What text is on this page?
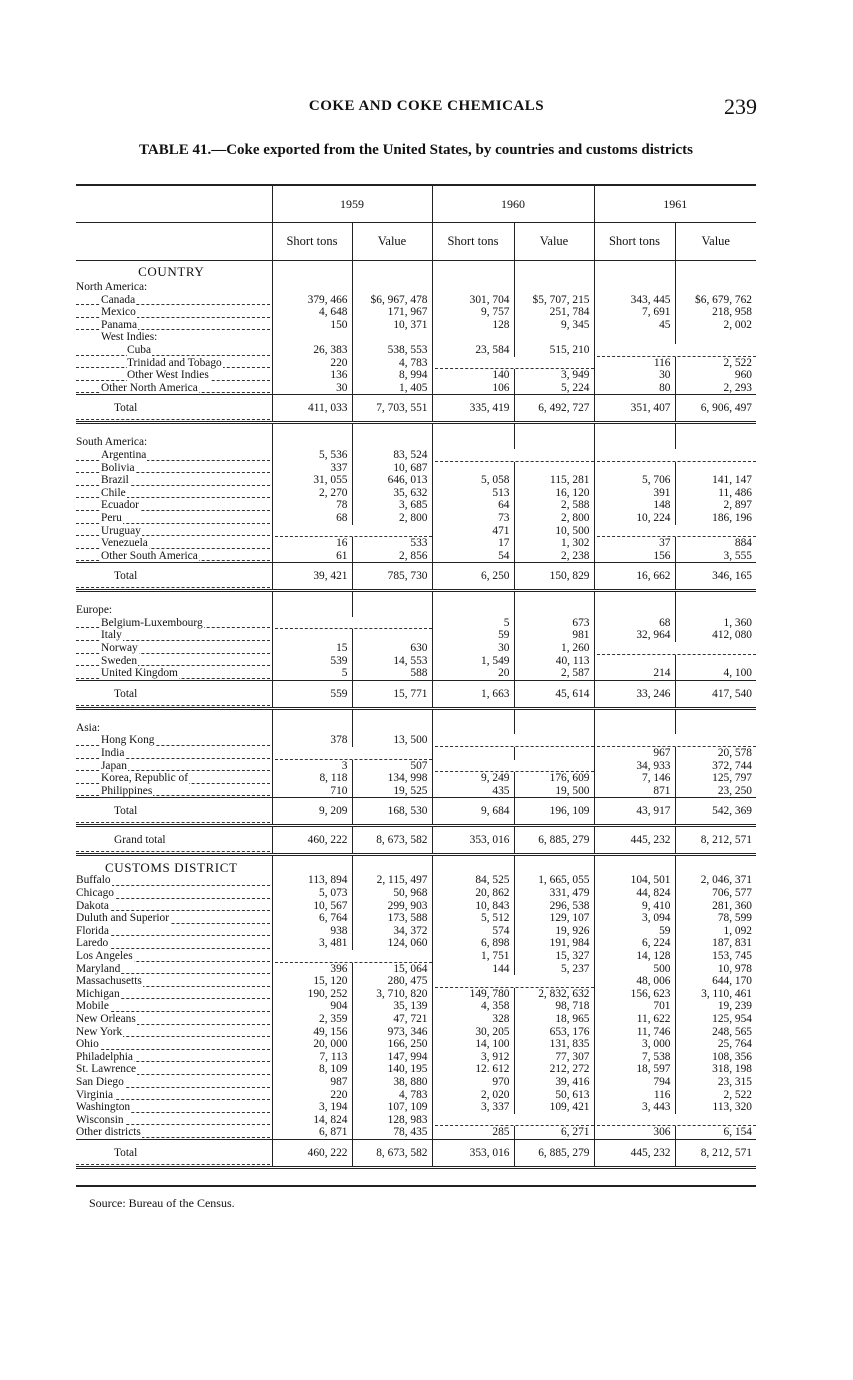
COKE AND COKE CHEMICALS	239
TABLE 41.—Coke exported from the United States, by countries and customs districts
	1959		1960		1961	
	Short tons	Value	Short tons	Value	Short tons	Value
COUNTRY						
North America:						

Canada	379, 466	$6, 967, 478	301, 704	$5, 707, 215	343, 445	$6, 679, 762

Mexico	4, 648	171, 967	9, 757	251, 784	7, 691	218, 958

Panama	150	10, 371	128	9, 345	45	2, 002
West Indies:						

Cuba	26, 383	538, 553	23, 584	515, 210		

Trinidad and Tobago	220	4, 783			116	2, 522

Other West Indies	136	8, 994	140	3, 949	30	960

Other North America	30	1, 405	106	5, 224	80	2, 293

Total	411, 033	7, 703, 551	335, 419	6, 492, 727	351, 407	6, 906, 497

South America:						

Argentina	5, 536	83, 524			

Bolivia	337	10, 687				

Brazil	31, 055	646, 013	5, 058	115, 281	5, 706	141, 147

Chile	2, 270	35, 632	513	16, 120	391	11, 486

Ecuador	78	3, 685	64	2, 588	148	2, 897

Peru	68	2, 800	73	2, 800	10, 224	186, 196

Uruguay			471	10, 500		

Venezuela	16	533	17	1, 302	37	884

Other South America	61	2, 856	54	2, 238	156	3, 555

Total	39, 421	785, 730	6, 250	150, 829	16, 662	346, 165

Europe:						

Belgium-Luxembourg			5	673	68	1, 360

Italy			59	981	32, 964	412, 080

Norway	15	630	30	1, 260		

Sweden	539	14, 553	1, 549	40, 113		

United Kingdom	5	588	20	2, 587	214	4, 100

Total	559	15, 771	1, 663	45, 614	33, 246	417, 540

Asia:						

Hong Kong	378	13, 500			

India					967	20, 578

Japan	3	507			34, 933	372, 744

Korea, Republic of	8, 118	134, 998	9, 249	176, 609	7, 146	125, 797

Philippines	710	19, 525	435	19, 500	871	23, 250

Total	9, 209	168, 530	9, 684	196, 109	43, 917	542, 369

Grand total	460, 222	8, 673, 582	353, 016	6, 885, 279	445, 232	8, 212, 571
CUSTOMS DISTRICT						

Buffalo	113, 894	2, 115, 497	84, 525	1, 665, 055	104, 501	2, 046, 371

Chicago	5, 073	50, 968	20, 862	331, 479	44, 824	706, 577

Dakota	10, 567	299, 903	10, 843	296, 538	9, 410	281, 360

Duluth and Superior	6, 764	173, 588	5, 512	129, 107	3, 094	78, 599

Florida	938	34, 372	574	19, 926	59	1, 092

Laredo	3, 481	124, 060	6, 898	191, 984	6, 224	187, 831

Los Angeles			1, 751	15, 327	14, 128	153, 745

Maryland	396	15, 064	144	5, 237	500	10, 978

Massachusetts	15, 120	280, 475			48, 006	644, 170

Michigan	190, 252	3, 710, 820	149, 780	2, 832, 632	156, 623	3, 110, 461

Mobile	904	35, 139	4, 358	98, 718	701	19, 239

New Orleans	2, 359	47, 721	328	18, 965	11, 622	125, 954

New York	49, 156	973, 346	30, 205	653, 176	11, 746	248, 565

Ohio	20, 000	166, 250	14, 100	131, 835	3, 000	25, 764

Philadelphia	7, 113	147, 994	3, 912	77, 307	7, 538	108, 356

St. Lawrence	8, 109	140, 195	12. 612	212, 272	18, 597	318, 198

San Diego	987	38, 880	970	39, 416	794	23, 315

Virginia	220	4, 783	2, 020	50, 613	116	2, 522

Washington	3, 194	107, 109	3, 337	109, 421	3, 443	113, 320

Wisconsin	14, 824	128, 983			

Other districts	6, 871	78, 435	285	6, 271	306	6, 154

Total	460, 222	8, 673, 582	353, 016	6, 885, 279	445, 232	8, 212, 571
Source: Bureau of the Census.
